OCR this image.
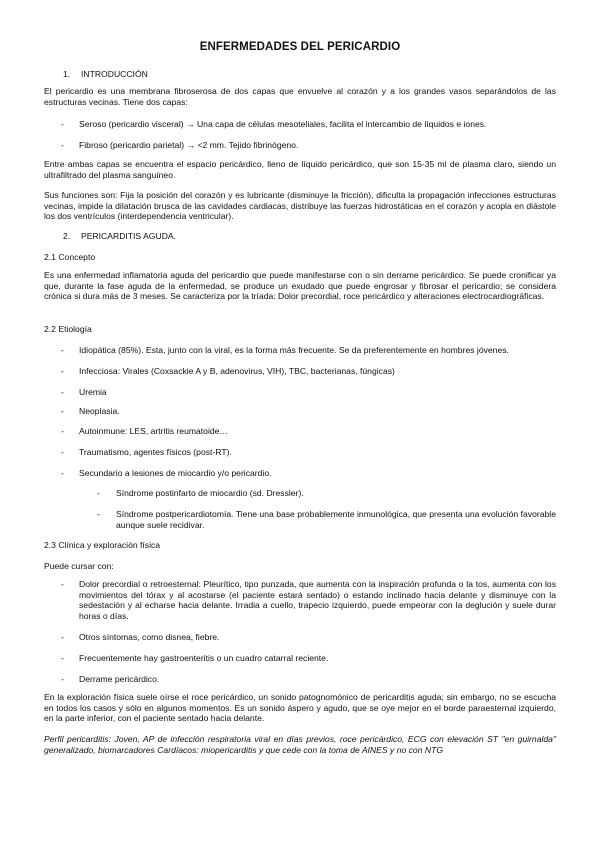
ENFERMEDADES DEL PERICARDIO
1. INTRODUCCIÓN

El pericardio es una membrana fibroserosa de dos capas que envuelve al corazón y a los grandes vasos separándolos de las estructuras vecinas. Tiene dos capas:

- Seroso (pericardio visceral) → Una capa de células mesoteliales, facilita el intercambio de líquidos e iones.
- Fibroso (pericardio parietal) → <2 mm. Tejido fibrinógeno.

Entre ambas capas se encuentra el espacio pericárdico, lleno de líquido pericárdico, que son 15-35 ml de plasma claro, siendo un ultrafiltrado del plasma sanguíneo.

Sus funciones son: Fija la posición del corazón y es lubricante (disminuye la fricción), dificulta la propagación infecciones estructuras vecinas, impide la dilatación brusca de las cavidades cardiacas, distribuye las fuerzas hidrostáticas en el corazón y acopla en diástole los dos ventrículos (interdependencia ventricular).

2. PERICARDITIS AGUDA.
2.1 Concepto

Es una enfermedad inflamatoria aguda del pericardio que puede manifestarse con o sin derrame pericárdico. Se puede cronificar ya que, durante la fase aguda de la enfermedad, se produce un exudado que puede engrosar y fibrosar el pericardio; se considera crónica si dura más de 3 meses. Se caracteriza por la tríada: Dolor precordial, roce pericárdico y alteraciones electrocardiográficas.

2.2 Etiología
- Idiopática (85%). Esta, junto con la viral, es la forma más frecuente. Se da preferentemente en hombres jóvenes.
- Infecciosa: Virales (Coxsackie A y B, adenovirus, VIH), TBC, bacterianas, fúngicas)
- Uremia
- Neoplasia.
- Autoinmune: LES, artritis reumatoide…
- Traumatismo, agentes físicos (post-RT).
- Secundario a lesiones de miocardio y/o pericardio.
- Síndrome postinfarto de miocardio (sd. Dressler).
- Síndrome postpericardiotomía. Tiene una base probablemente inmunológica, que presenta una evolución favorable aunque suele recidivar.
2.3 Clínica y exploración física
Puede cursar con:
- Dolor precordial o retroesternal: Pleurítico, tipo punzada, que aumenta con la inspiración profunda o la tos, aumenta con los movimientos del tórax y al acostarse (el paciente estará sentado) o estando inclinado hacia delante y disminuye con la sedestación y al echarse hacia delante. Irradia a cuello, trapecio izquierdo, puede empeorar con la deglución y suele durar horas o días.
- Otros síntomas, como disnea, fiebre.
- Frecuentemente hay gastroenteritis o un cuadro catarral reciente.
- Derrame pericárdico.

En la exploración física suele oírse el roce pericárdico, un sonido patognomónico de pericarditis aguda; sin embargo, no se escucha en todos los casos y sólo en algunos momentos. Es un sonido áspero y agudo, que se oye mejor en el borde paraesternal izquierdo, en la parte inferior, con el paciente sentado hacia delante.

Perfil pericarditis: Joven, AP de infección respiratoria viral en días previos, roce pericárdico, ECG con elevación ST "en guirnalda" generalizado, biomarcadores Cardíacos: miopericarditis y que cede con la toma de AINES y no con NTG
